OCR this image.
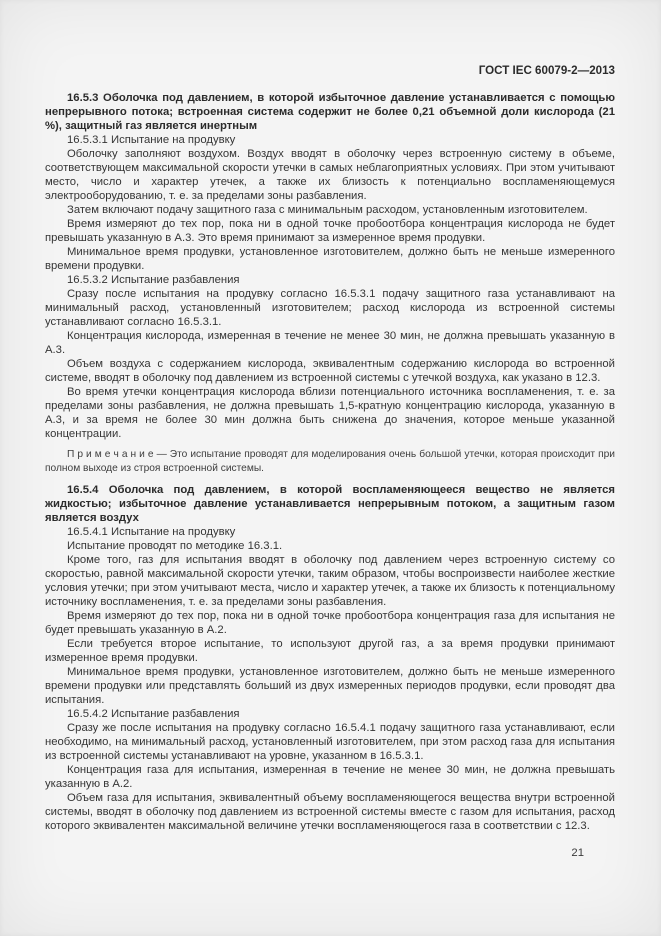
ГОСТ IEC 60079-2—2013

16.5.3 Оболочка под давлением, в которой избыточное давление устанавливается с помощью непрерывного потока; встроенная система содержит не более 0,21 объемной доли кислорода (21 %), защитный газ является инертным

16.5.3.1 Испытание на продувку

Оболочку заполняют воздухом. Воздух вводят в оболочку через встроенную систему в объеме, соответствующем максимальной скорости утечки в самых неблагоприятных условиях. При этом учитывают место, число и характер утечек, а также их близость к потенциально воспламеняющемуся электрооборудованию, т. е. за пределами зоны разбавления.

Затем включают подачу защитного газа с минимальным расходом, установленным изготовителем.

Время измеряют до тех пор, пока ни в одной точке пробоотбора концентрация кислорода не будет превышать указанную в А.3. Это время принимают за измеренное время продувки.

Минимальное время продувки, установленное изготовителем, должно быть не меньше измеренного времени продувки.

16.5.3.2 Испытание разбавления

Сразу после испытания на продувку согласно 16.5.3.1 подачу защитного газа устанавливают на минимальный расход, установленный изготовителем; расход кислорода из встроенной системы устанавливают согласно 16.5.3.1.

Концентрация кислорода, измеренная в течение не менее 30 мин, не должна превышать указанную в А.3.

Объем воздуха с содержанием кислорода, эквивалентным содержанию кислорода во встроенной системе, вводят в оболочку под давлением из встроенной системы с утечкой воздуха, как указано в 12.3.

Во время утечки концентрация кислорода вблизи потенциального источника воспламенения, т. е. за пределами зоны разбавления, не должна превышать 1,5-кратную концентрацию кислорода, указанную в А.3, и за время не более 30 мин должна быть снижена до значения, которое меньше указанной концентрации.

П р и м е ч а н и е — Это испытание проводят для моделирования очень большой утечки, которая происходит при полном выходе из строя встроенной системы.

16.5.4 Оболочка под давлением, в которой воспламеняющееся вещество не является жидкостью; избыточное давление устанавливается непрерывным потоком, а защитным газом является воздух

16.5.4.1 Испытание на продувку

Испытание проводят по методике 16.3.1.

Кроме того, газ для испытания вводят в оболочку под давлением через встроенную систему со скоростью, равной максимальной скорости утечки, таким образом, чтобы воспроизвести наиболее жесткие условия утечки; при этом учитывают места, число и характер утечек, а также их близость к потенциальному источнику воспламенения, т. е. за пределами зоны разбавления.

Время измеряют до тех пор, пока ни в одной точке пробоотбора концентрация газа для испытания не будет превышать указанную в А.2.

Если требуется второе испытание, то используют другой газ, а за время продувки принимают измеренное время продувки.

Минимальное время продувки, установленное изготовителем, должно быть не меньше измеренного времени продувки или представлять больший из двух измеренных периодов продувки, если проводят два испытания.

16.5.4.2 Испытание разбавления

Сразу же после испытания на продувку согласно 16.5.4.1 подачу защитного газа устанавливают, если необходимо, на минимальный расход, установленный изготовителем, при этом расход газа для испытания из встроенной системы устанавливают на уровне, указанном в 16.5.3.1.

Концентрация газа для испытания, измеренная в течение не менее 30 мин, не должна превышать указанную в А.2.

Объем газа для испытания, эквивалентный объему воспламеняющегося вещества внутри встроенной системы, вводят в оболочку под давлением из встроенной системы вместе с газом для испытания, расход которого эквивалентен максимальной величине утечки воспламеняющегося газа в соответствии с 12.3.

21
